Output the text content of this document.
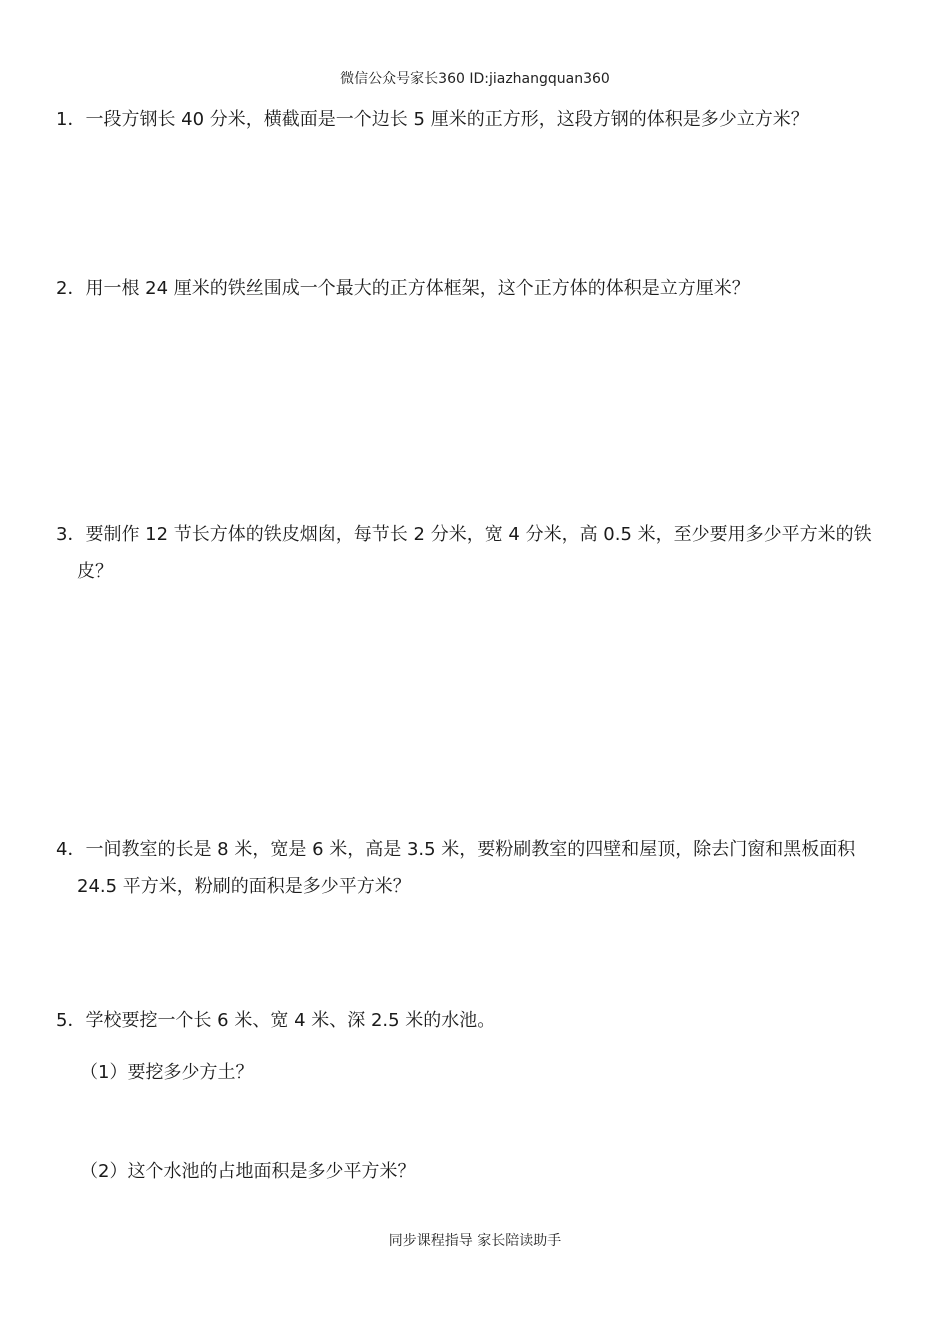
微信公众号家长360 ID:jiazhangquan360
1．一段方钢长 40 分米，横截面是一个边长 5 厘米的正方形，这段方钢的体积是多少立方米？
2．用一根 24 厘米的铁丝围成一个最大的正方体框架，这个正方体的体积是立方厘米？
3．要制作 12 节长方体的铁皮烟囱，每节长 2 分米，宽 4 分米，高 0.5 米，至少要用多少平方米的铁
皮？
4．一间教室的长是 8 米，宽是 6 米，高是 3.5 米，要粉刷教室的四壁和屋顶，除去门窗和黑板面积
24.5 平方米，粉刷的面积是多少平方米？
5．学校要挖一个长 6 米、宽 4 米、深 2.5 米的水池。
（1）要挖多少方土？
（2）这个水池的占地面积是多少平方米？
同步课程指导 家长陪读助手
